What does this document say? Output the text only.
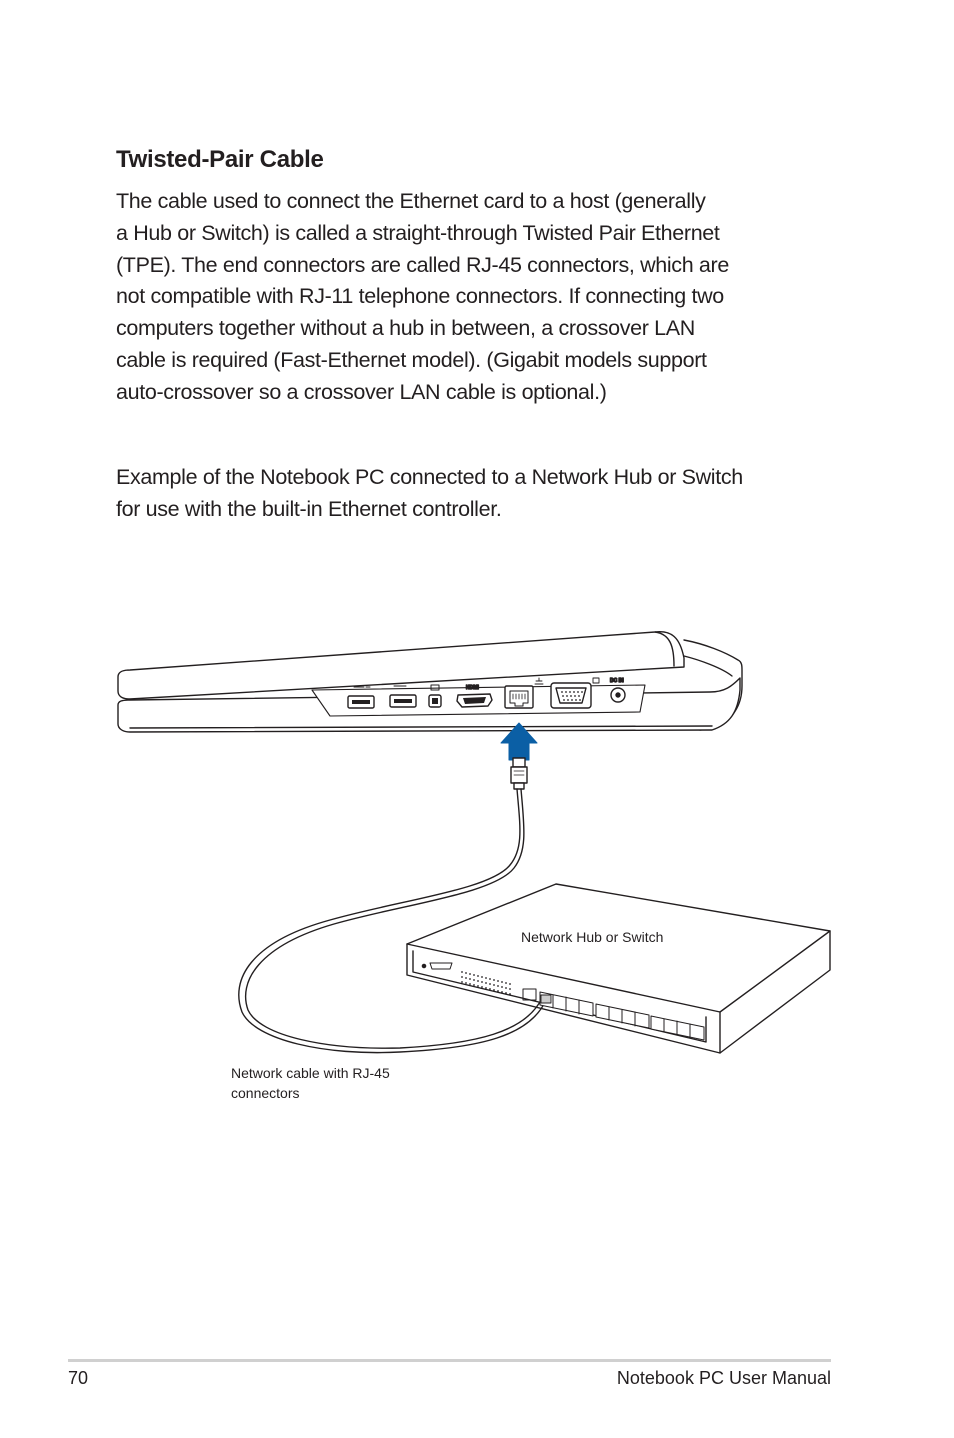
Twisted-Pair Cable

The cable used to connect the Ethernet card to a host (generally
a Hub or Switch) is called a straight-through Twisted Pair Ethernet
(TPE). The end connectors are called RJ-45 connectors, which are
not compatible with RJ-11 telephone connectors. If connecting two
computers together without a hub in between, a crossover LAN
cable is required (Fast-Ethernet model). (Gigabit models support
auto-crossover so a crossover LAN cable is optional.)

Example of the Notebook PC connected to a Network Hub or Switch
for use with the built-in Ethernet controller.

HDMI
DC IN
Network Hub or Switch
Network cable with RJ-45
connectors
70	Notebook PC User Manual
